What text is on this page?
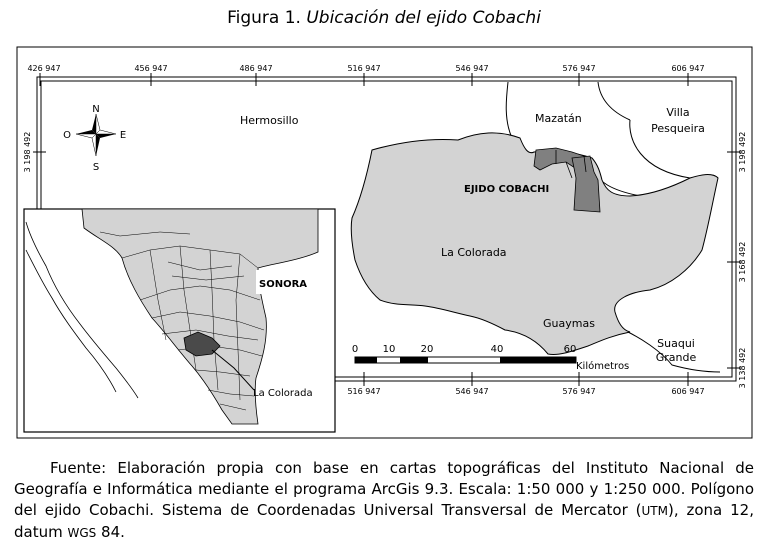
Figura 1. Ubicación del ejido Cobachi
426 947	456 947	486 947	516 947	546 947	576 947	606 947
516 947	546 947	576 947	606 947
3 198 492	3 198 492
3 168 492
3 138 492
Hermosillo	Mazatán	Villa
Pesqueira
EJIDO COBACHI
La Colorada
Guaymas
Suaqui
Grande
N
S
E
O
0 10	20	40	60
Kilómetros
SONORA
La Colorada
Fuente: Elaboración propia con base en cartas topográficas del Instituto Nacional de Geografía e Informática mediante el programa ArcGis 9.3. Escala: 1:50 000 y 1:250 000. Polígono del ejido Cobachi. Sistema de Coordenadas Universal Transversal de Mercator (UTM), zona 12, datum WGS 84.
